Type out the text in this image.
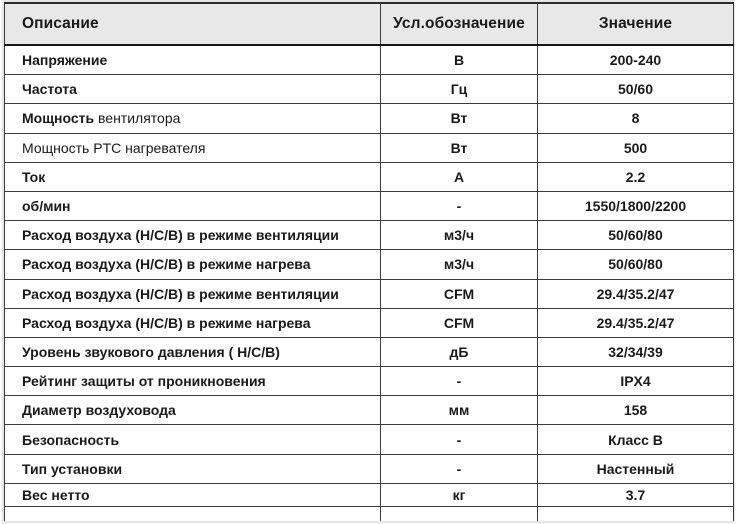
Описание	Усл.обозначение	Значение
Напряжение	В	200-240
Частота	Гц	50/60
Мощность вентилятора	Вт	8
Мощность PTC нагревателя	Вт	500
Ток	А	2.2
об/мин	-	1550/1800/2200
Расход воздуха (Н/С/В) в режиме вентиляции	м3/ч	50/60/80
Расход воздуха (Н/С/В) в режиме нагрева	м3/ч	50/60/80
Расход воздуха (Н/С/В) в режиме вентиляции	CFM	29.4/35.2/47
Расход воздуха (Н/С/В) в режиме нагрева	CFM	29.4/35.2/47
Уровень звукового давления ( Н/С/В)	дБ	32/34/39
Рейтинг защиты от проникновения	-	IPX4
Диаметр воздуховода	мм	158
Безопасность	-	Класс В
Тип установки	-	Настенный
Вес нетто	кг	3.7
